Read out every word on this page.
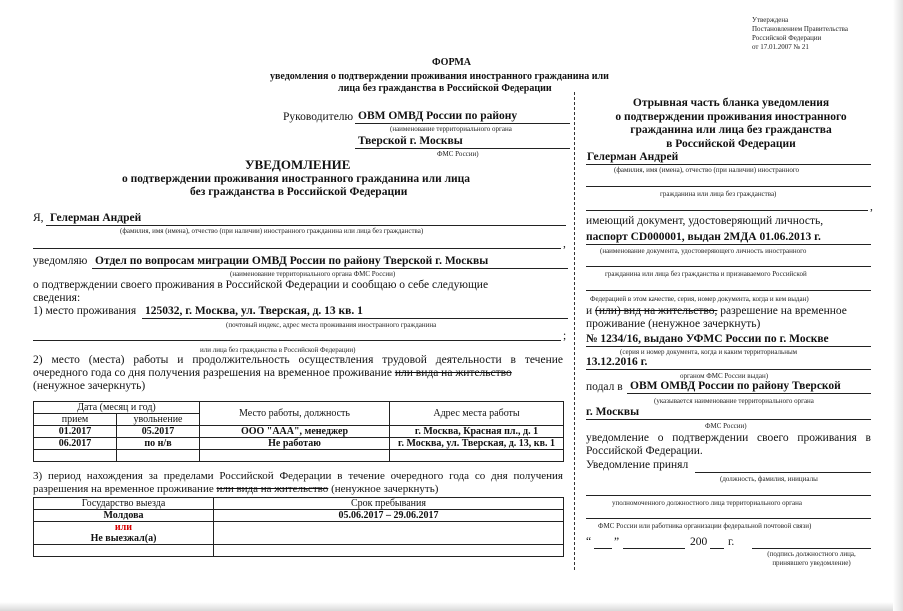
Утверждена
Постановлением Правительства
Российской Федерации
от 17.01.2007 № 21
ФОРМА
уведомления о подтверждении проживания иностранного гражданина или
лица без гражданства в Российской Федерации
Руководителю ОВМ ОМВД России по району
(наименование территориального органа
Тверской г. Москвы
ФМС России)
УВЕДОМЛЕНИЕ
о подтверждении проживания иностранного гражданина или лица
без гражданства в Российской Федерации
Я, Гелерман Андрей
(фамилия, имя (имена), отчество (при наличии) иностранного гражданина или лица без гражданства)
,
уведомляю Отдел по вопросам миграции ОМВД России по району Тверской г. Москвы
(наименование территориального органа ФМС России)
о подтверждении своего проживания в Российской Федерации и сообщаю о себе следующие
сведения:
1) место проживания 125032, г. Москва, ул. Тверская, д. 13 кв. 1
(почтовый индекс, адрес места проживания иностранного гражданина
;
или лица без гражданства в Российской Федерации)
2) место (места) работы и продолжительность осуществления трудовой деятельности в течение
очередного года со дня получения разрешения на временное проживание или вида на жительство
(ненужное зачеркнуть)
Дата (месяц и год)		Место работы, должность	Адрес места работы
прием	увольнение		
01.2017	05.2017	ООО "ААА", менеджер	г. Москва, Красная пл., д. 1
06.2017	по н/в	Не работаю	г. Москва, ул. Тверская, д. 13, кв. 1

3) период нахождения за пределами Российской Федерации в течение очередного года со дня получения
разрешения на временное проживание или вида на жительство (ненужное зачеркнуть)
Государство выезда	Срок пребывания
Молдова	05.06.2017 – 29.06.2017
или	
Не выезжал(а)	

Отрывная часть бланка уведомления
о подтверждении проживания иностранного
гражданина или лица без гражданства
в Российской Федерации
Гелерман Андрей
(фамилия, имя (имена), отчество (при наличии) иностранного
гражданина или лица без гражданства)
,
имеющий документ, удостоверяющий личность,
паспорт CD000001, выдан 2МДА 01.06.2013 г.
(наименование документа, удостоверяющего личность иностранного
гражданина или лица без гражданства и признаваемого Российской
Федерацией в этом качестве, серия, номер документа, когда и кем выдан)
и (или) вид на жительство, разрешение на временное
проживание (ненужное зачеркнуть)
№ 1234/16, выдано УФМС России по г. Москве
(серия и номер документа, когда и каким территориальным
13.12.2016 г.
органом ФМС России выдан)
подал в ОВМ ОМВД России по району Тверской
(указывается наименование территориального органа
г. Москвы
ФМС России)
уведомление о подтверждении своего проживания в
Российской Федерации.
Уведомление принял
(должность, фамилия, инициалы
уполномоченного должностного лица территориального органа
ФМС России или работника организации федеральной почтовой связи)
“ ”	200 г.
(подпись должностного лица,
принявшего уведомление)
